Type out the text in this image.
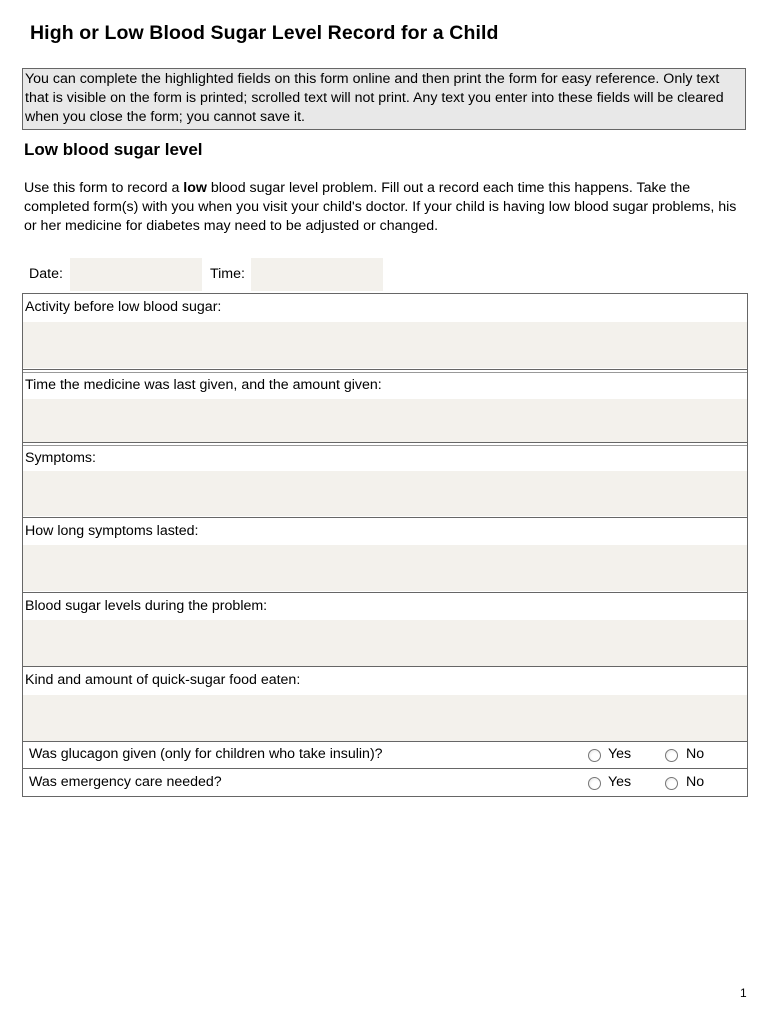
High or Low Blood Sugar Level Record for a Child
You can complete the highlighted fields on this form online and then print the form for easy reference. Only text that is visible on the form is printed; scrolled text will not print. Any text you enter into these fields will be cleared when you close the form; you cannot save it.
Low blood sugar level
Use this form to record a low blood sugar level problem. Fill out a record each time this happens. Take the completed form(s) with you when you visit your child's doctor. If your child is having low blood sugar problems, his or her medicine for diabetes may need to be adjusted or changed.
Date:	Time:
Activity before low blood sugar:
Time the medicine was last given, and the amount given:
Symptoms:
How long symptoms lasted:
Blood sugar levels during the problem:
Kind and amount of quick-sugar food eaten:
Was glucagon given (only for children who take insulin)?	Yes	No
Was emergency care needed?	Yes	No
1
